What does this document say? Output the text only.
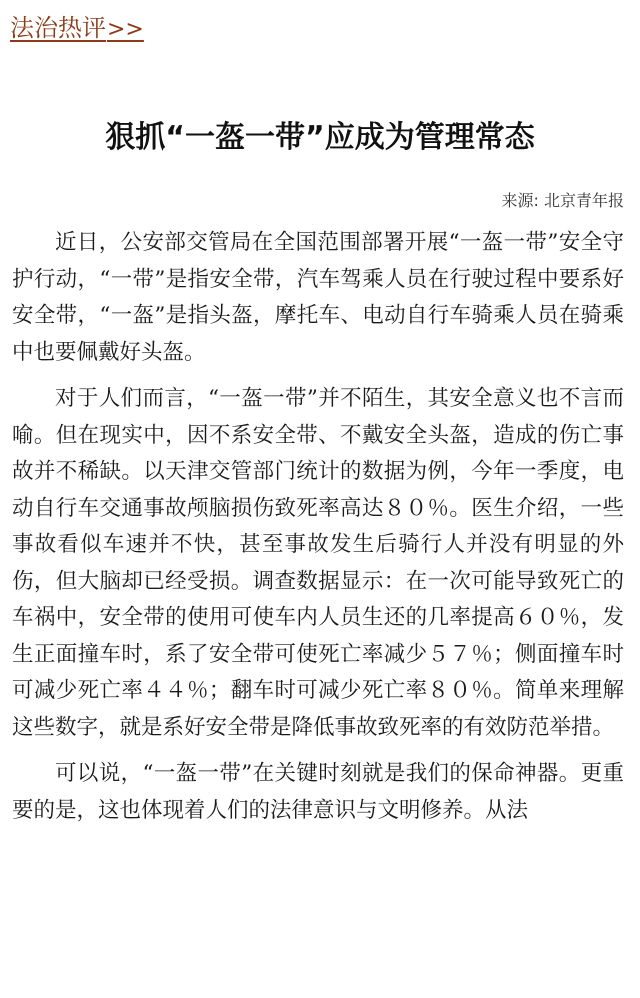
法治热评>>
狠抓“一盔一带”应成为管理常态
来源: 北京青年报

近日，公安部交管局在全国范围部署开展“一盔一带”安全守护行动，“一带”是指安全带，汽车驾乘人员在行驶过程中要系好安全带，“一盔”是指头盔，摩托车、电动自行车骑乘人员在骑乘中也要佩戴好头盔。

对于人们而言，“一盔一带”并不陌生，其安全意义也不言而喻。但在现实中，因不系安全带、不戴安全头盔，造成的伤亡事故并不稀缺。以天津交管部门统计的数据为例，今年一季度，电动自行车交通事故颅脑损伤致死率高达８０％。医生介绍，一些事故看似车速并不快，甚至事故发生后骑行人并没有明显的外伤，但大脑却已经受损。调查数据显示：在一次可能导致死亡的车祸中，安全带的使用可使车内人员生还的几率提高６０％，发生正面撞车时，系了安全带可使死亡率减少５７％；侧面撞车时可减少死亡率４４％；翻车时可减少死亡率８０％。简单来理解这些数字，就是系好安全带是降低事故致死率的有效防范举措。

可以说，“一盔一带”在关键时刻就是我们的保命神器。更重要的是，这也体现着人们的法律意识与文明修养。从法
